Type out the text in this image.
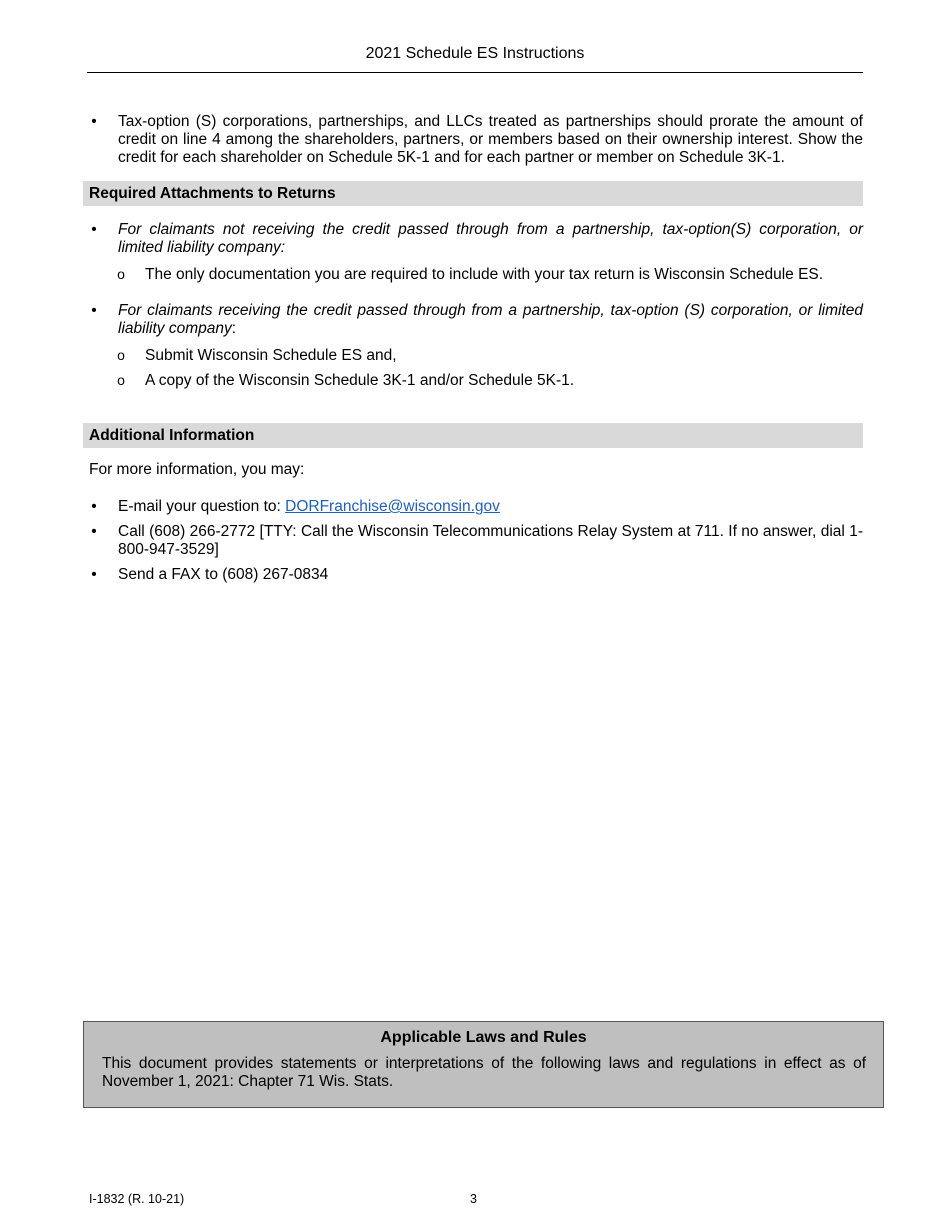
2021 Schedule ES Instructions
• Tax-option (S) corporations, partnerships, and LLCs treated as partnerships should prorate the amount of credit on line 4 among the shareholders, partners, or members based on their ownership interest. Show the credit for each shareholder on Schedule 5K-1 and for each partner or member on Schedule 3K-1.
Required Attachments to Returns
• For claimants not receiving the credit passed through from a partnership, tax-option(S) corporation, or limited liability company:
o The only documentation you are required to include with your tax return is Wisconsin Schedule ES.
• For claimants receiving the credit passed through from a partnership, tax-option (S) corporation, or limited liability company:
o Submit Wisconsin Schedule ES and,
o A copy of the Wisconsin Schedule 3K-1 and/or Schedule 5K-1.
Additional Information
For more information, you may:
• E-mail your question to: DORFranchise@wisconsin.gov
• Call (608) 266-2772 [TTY: Call the Wisconsin Telecommunications Relay System at 711. If no answer, dial 1-800-947-3529]
• Send a FAX to (608) 267-0834
Applicable Laws and Rules
This document provides statements or interpretations of the following laws and regulations in effect as of November 1, 2021: Chapter 71 Wis. Stats.
I-1832 (R. 10-21)	3
